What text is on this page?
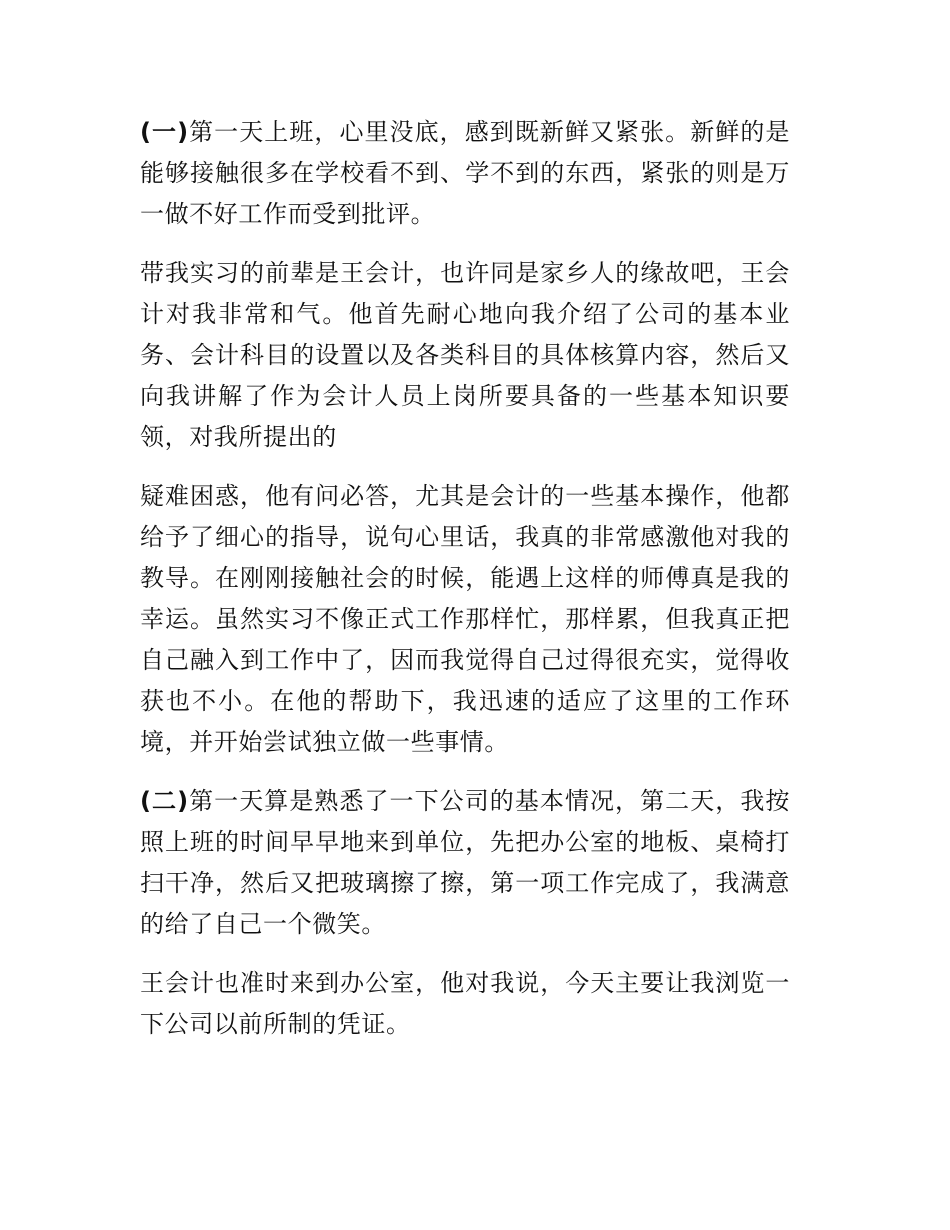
(一)第一天上班，心里没底，感到既新鲜又紧张。新鲜的是能够接触很多在学校看不到、学不到的东西，紧张的则是万一做不好工作而受到批评。

带我实习的前辈是王会计，也许同是家乡人的缘故吧，王会计对我非常和气。他首先耐心地向我介绍了公司的基本业务、会计科目的设置以及各类科目的具体核算内容，然后又向我讲解了作为会计人员上岗所要具备的一些基本知识要领，对我所提出的

疑难困惑，他有问必答，尤其是会计的一些基本操作，他都给予了细心的指导，说句心里话，我真的非常感激他对我的教导。在刚刚接触社会的时候，能遇上这样的师傅真是我的幸运。虽然实习不像正式工作那样忙，那样累，但我真正把自己融入到工作中了，因而我觉得自己过得很充实，觉得收获也不小。在他的帮助下，我迅速的适应了这里的工作环境，并开始尝试独立做一些事情。

(二)第一天算是熟悉了一下公司的基本情况，第二天，我按照上班的时间早早地来到单位，先把办公室的地板、桌椅打扫干净，然后又把玻璃擦了擦，第一项工作完成了，我满意的给了自己一个微笑。

王会计也准时来到办公室，他对我说，今天主要让我浏览一下公司以前所制的凭证。
